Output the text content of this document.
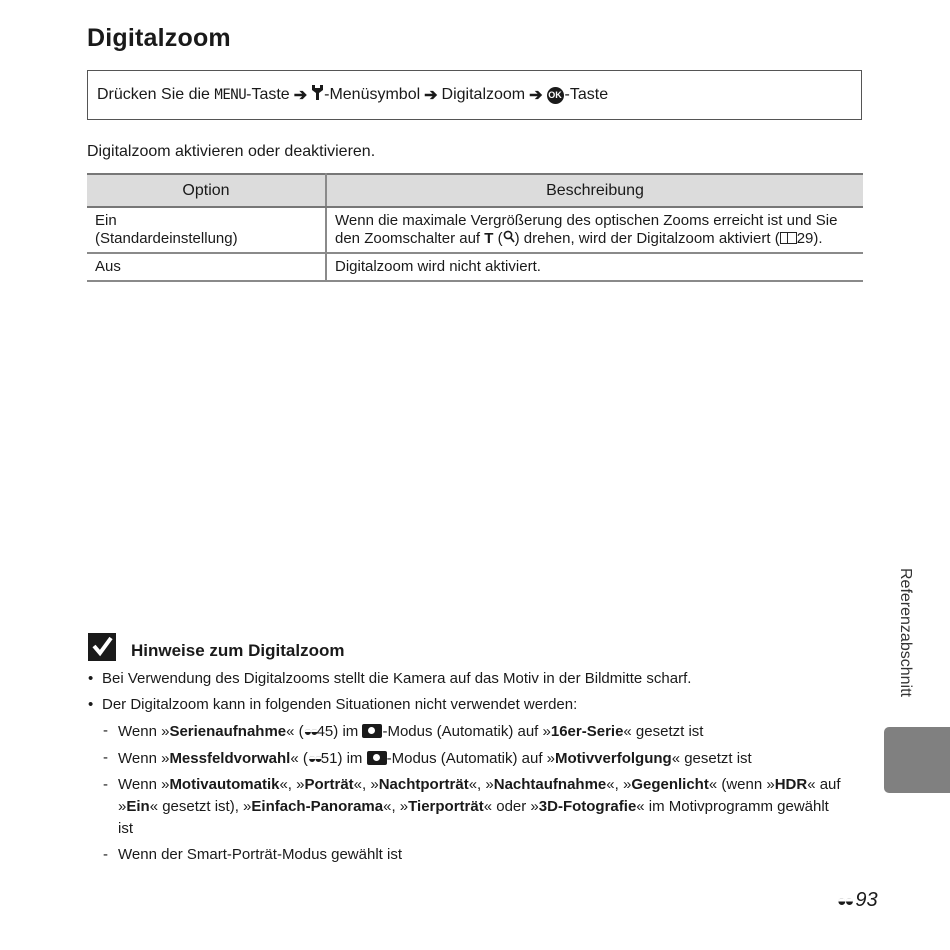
Digitalzoom
Drücken Sie die
MENU -Taste ➔ -Menüsymbol ➔ Digitalzoom ➔ OK -Taste
Digitalzoom aktivieren oder deaktivieren.
Option	Beschreibung
Ein
(Standardeinstellung)	Wenn die maximale Vergrößerung des optischen Zooms erreicht ist und Sie den Zoomschalter auf T ( ) drehen, wird der Digitalzoom aktiviert ( 29).
Aus	Digitalzoom wird nicht aktiviert.
Hinweise zum Digitalzoom
• Bei Verwendung des Digitalzooms stellt die Kamera auf das Motiv in der Bildmitte scharf.
• Der Digitalzoom kann in folgenden Situationen nicht verwendet werden:
- Wenn »Serienaufnahme« (◒◒45) im -Modus (Automatik) auf »16er-Serie« gesetzt ist
- Wenn »Messfeldvorwahl« (◒◒51) im -Modus (Automatik) auf »Motivverfolgung« gesetzt ist
- Wenn »Motivautomatik«, »Porträt«, »Nachtporträt«, »Nachtaufnahme«, »Gegenlicht« (wenn »HDR« auf »Ein« gesetzt ist), »Einfach-Panorama«, »Tierporträt« oder »3D-Fotografie« im Motivprogramm gewählt ist
- Wenn der Smart-Porträt-Modus gewählt ist
Referenzabschnitt
◒◒ 93
